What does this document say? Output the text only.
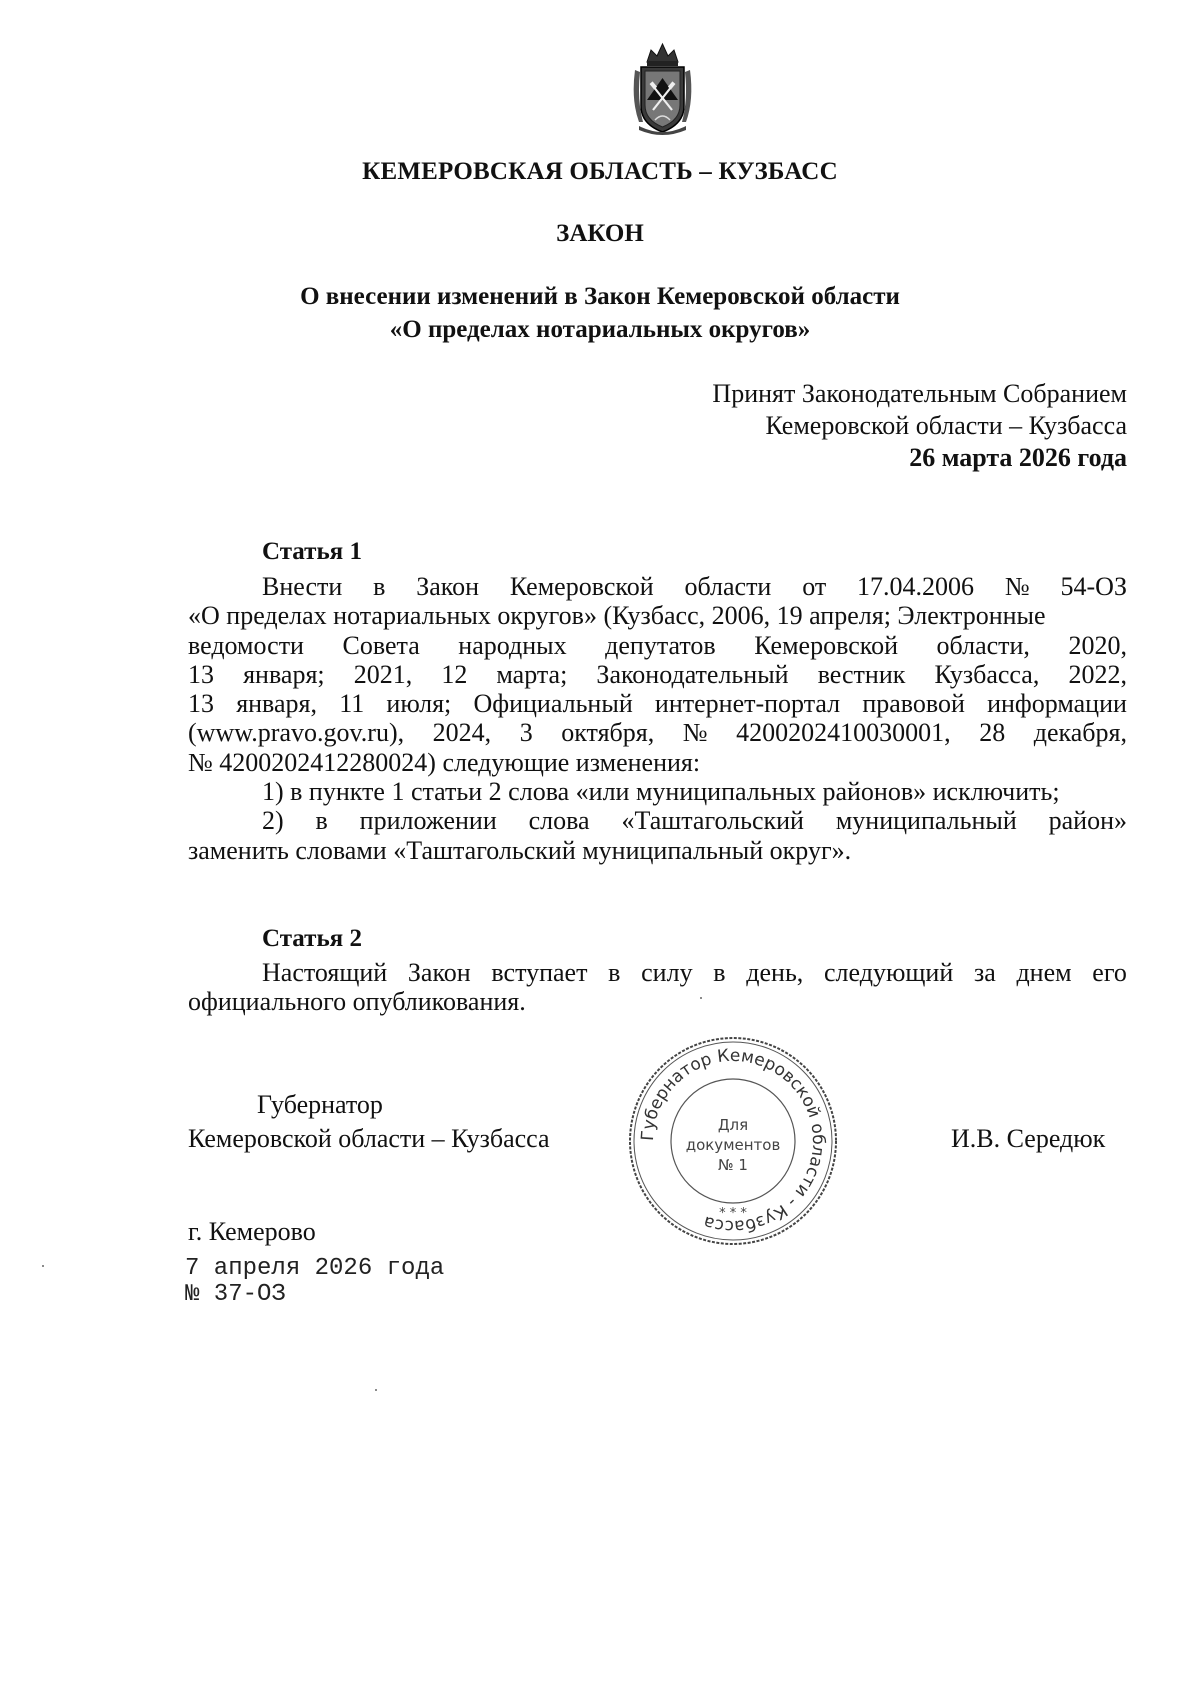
КЕМЕРОВСКАЯ ОБЛАСТЬ – КУЗБАСС
ЗАКОН
О внесении изменений в Закон Кемеровской области
«О пределах нотариальных округов»
Принят Законодательным Собранием
Кемеровской области – Кузбасса
26 марта 2026 года
Статья 1
Внести в Закон Кемеровской области от 17.04.2006 № 54-ОЗ
«О пределах нотариальных округов» (Кузбасс, 2006, 19 апреля; Электронные
ведомости Совета народных депутатов Кемеровской области, 2020,
13 января; 2021, 12 марта; Законодательный вестник Кузбасса, 2022,
13 января, 11 июля; Официальный интернет-портал правовой информации
(www.pravo.gov.ru), 2024, 3 октября, № 4200202410030001, 28 декабря,
№ 4200202412280024) следующие изменения:
1) в пункте 1 статьи 2 слова «или муниципальных районов» исключить;
2) в приложении слова «Таштагольский муниципальный район»
заменить словами «Таштагольский муниципальный округ».
Статья 2
Настоящий Закон вступает в силу в день, следующий за днем его
официального опубликования.
Губернатор
Кемеровской области – Кузбасса	И.В. Середюк
Губернатор Кемеровской области - Кузбасса
Для
документов
№ 1
* * *
г. Кемерово
7 апреля 2026 года
№ 37-ОЗ
